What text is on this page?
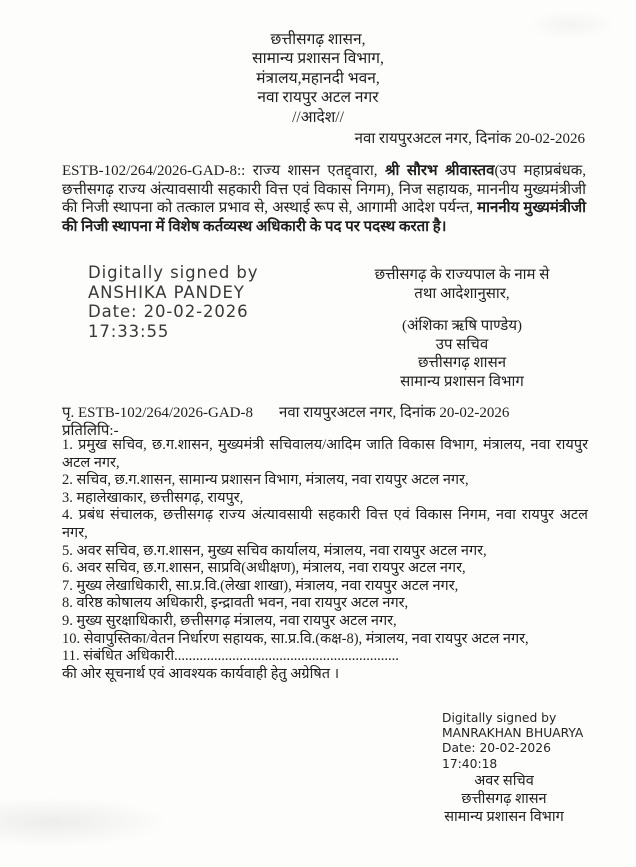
छत्तीसगढ़ शासन,
सामान्य प्रशासन विभाग,
मंत्रालय,महानदी भवन,
नवा रायपुर अटल नगर
//आदेश//
नवा रायपुरअटल नगर, दिनांक 20-02-2026
ESTB-102/264/2026-GAD-8:: राज्य शासन एतद्द्वारा, श्री सौरभ श्रीवास्तव(उप महाप्रबंधक, छत्तीसगढ़ राज्य अंत्यावसायी सहकारी वित्त एवं विकास निगम), निज सहायक, माननीय मुख्यमंत्रीजी की निजी स्थापना को तत्काल प्रभाव से, अस्थाई रूप से, आगामी आदेश पर्यन्त, माननीय मुख्यमंत्रीजी की निजी स्थापना में विशेष कर्तव्यस्थ अधिकारी के पद पर पदस्थ करता है।
Digitally signed by
ANSHIKA PANDEY
Date: 20-02-2026
17:33:55
छत्तीसगढ़ के राज्यपाल के नाम से
तथा आदेशानुसार,
(अंशिका ऋषि पाण्डेय)
उप सचिव
छत्तीसगढ़ शासन
सामान्य प्रशासन विभाग
पृ. ESTB-102/264/2026-GAD-8 नवा रायपुरअटल नगर, दिनांक 20-02-2026
प्रतिलिपि:-
1. प्रमुख सचिव, छ.ग.शासन, मुख्यमंत्री सचिवालय/आदिम जाति विकास विभाग, मंत्रालय, नवा रायपुर अटल नगर,
2. सचिव, छ.ग.शासन, सामान्य प्रशासन विभाग, मंत्रालय, नवा रायपुर अटल नगर,
3. महालेखाकार, छत्तीसगढ़, रायपुर,
4. प्रबंध संचालक, छत्तीसगढ़ राज्य अंत्यावसायी सहकारी वित्त एवं विकास निगम, नवा रायपुर अटल नगर,
5. अवर सचिव, छ.ग.शासन, मुख्य सचिव कार्यालय, मंत्रालय, नवा रायपुर अटल नगर,
6. अवर सचिव, छ.ग.शासन, साप्रवि(अधीक्षण), मंत्रालय, नवा रायपुर अटल नगर,
7. मुख्य लेखाधिकारी, सा.प्र.वि.(लेखा शाखा), मंत्रालय, नवा रायपुर अटल नगर,
8. वरिष्ठ कोषालय अधिकारी, इन्द्रावती भवन, नवा रायपुर अटल नगर,
9. मुख्य सुरक्षाधिकारी, छत्तीसगढ़ मंत्रालय, नवा रायपुर अटल नगर,
10. सेवापुस्तिका/वेतन निर्धारण सहायक, सा.प्र.वि.(कक्ष-8), मंत्रालय, नवा रायपुर अटल नगर,
11. संबंधित अधिकारी..............................................................
की ओर सूचनार्थ एवं आवश्यक कार्यवाही हेतु अग्रेषित ।
Digitally signed by
MANRAKHAN BHUARYA
Date: 20-02-2026
17:40:18
अवर सचिव
छत्तीसगढ़ शासन
सामान्य प्रशासन विभाग
